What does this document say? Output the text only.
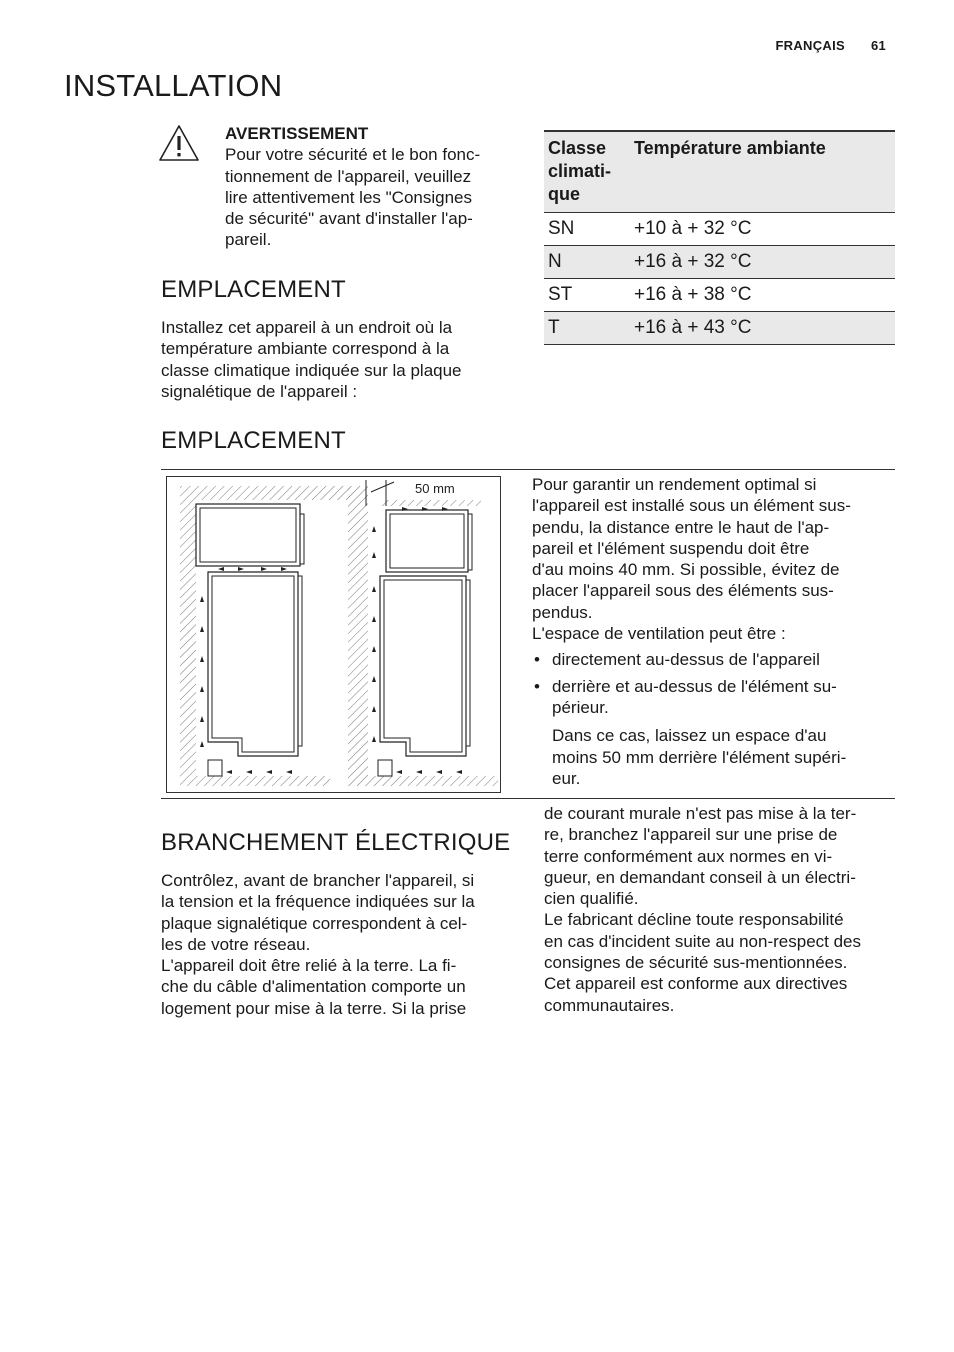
FRANÇAIS 61
INSTALLATION
AVERTISSEMENT
Pour votre sécurité et le bon fonc-
tionnement de l'appareil, veuillez
lire attentivement les "Consignes
de sécurité" avant d'installer l'ap-
pareil.
EMPLACEMENT
Installez cet appareil à un endroit où la
température ambiante correspond à la
classe climatique indiquée sur la plaque
signalétique de l'appareil :
Classe
climati-
que	Température ambiante

SN	+10 à + 32 °C
N	+16 à + 32 °C
ST	+16 à + 38 °C
T	+16 à + 43 °C
EMPLACEMENT
50 mm	Pour garantir un rendement optimal si
l'appareil est installé sous un élément sus-
pendu, la distance entre le haut de l'ap-
pareil et l'élément suspendu doit être
d'au moins 40 mm. Si possible, évitez de
placer l'appareil sous des éléments sus-
pendus.
L'espace de ventilation peut être :
• directement au-dessus de l'appareil
• derrière et au-dessus de l'élément su-
périeur.
Dans ce cas, laissez un espace d'au
moins 50 mm derrière l'élément supéri-
eur.
BRANCHEMENT ÉLECTRIQUE
Contrôlez, avant de brancher l'appareil, si
la tension et la fréquence indiquées sur la
plaque signalétique correspondent à cel-
les de votre réseau.
L'appareil doit être relié à la terre. La fi-
che du câble d'alimentation comporte un
logement pour mise à la terre. Si la prise
de courant murale n'est pas mise à la ter-
re, branchez l'appareil sur une prise de
terre conformément aux normes en vi-
gueur, en demandant conseil à un électri-
cien qualifié.
Le fabricant décline toute responsabilité
en cas d'incident suite au non-respect des
consignes de sécurité sus-mentionnées.
Cet appareil est conforme aux directives
communautaires.
